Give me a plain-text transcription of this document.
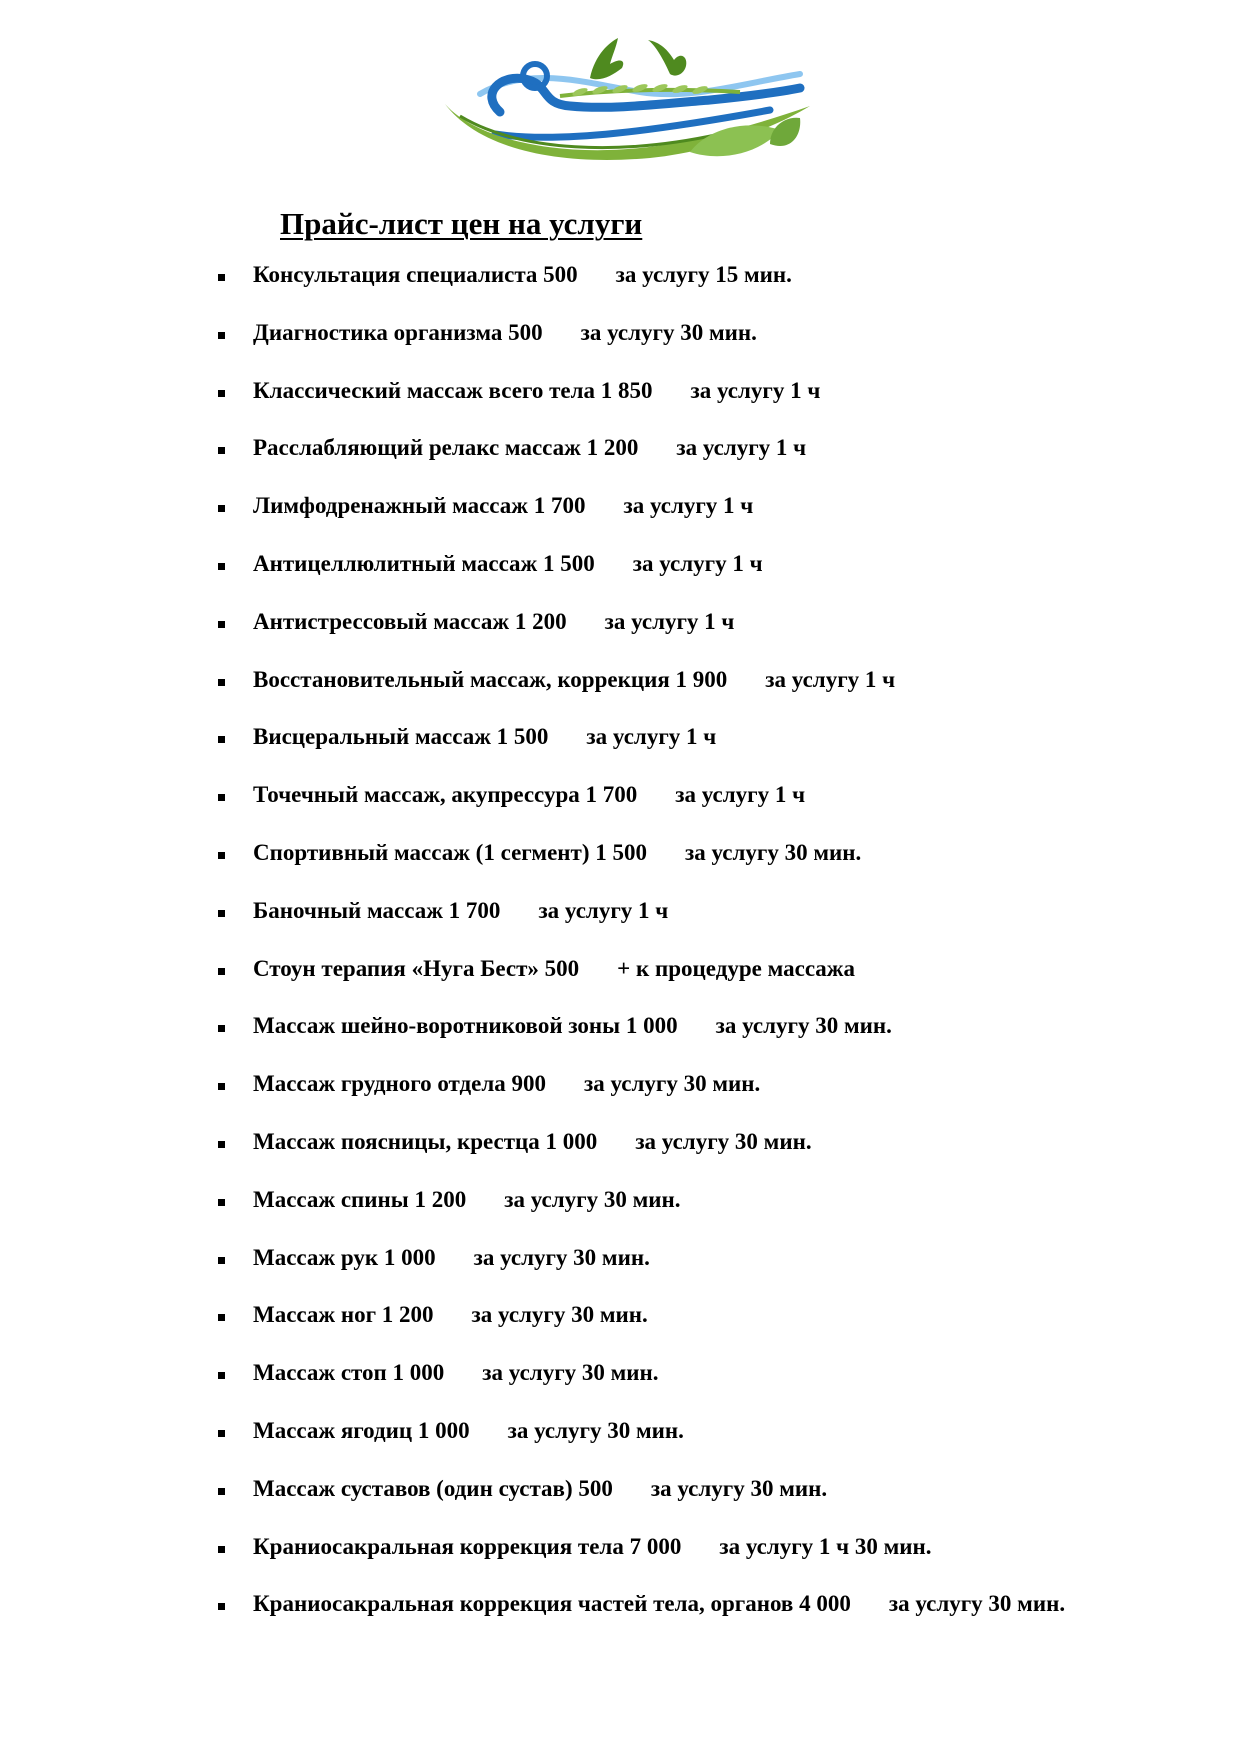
Прайс-лист цен на услуги
Консультация специалиста 500 за услугу 15 мин.
Диагностика организма 500 за услугу 30 мин.
Классический массаж всего тела 1 850 за услугу 1 ч
Расслабляющий релакс массаж 1 200 за услугу 1 ч
Лимфодренажный массаж 1 700 за услугу 1 ч
Антицеллюлитный массаж 1 500 за услугу 1 ч
Антистрессовый массаж 1 200 за услугу 1 ч
Восстановительный массаж, коррекция 1 900 за услугу 1 ч
Висцеральный массаж 1 500 за услугу 1 ч
Точечный массаж, акупрессура 1 700 за услугу 1 ч
Спортивный массаж (1 сегмент) 1 500 за услугу 30 мин.
Баночный массаж 1 700 за услугу 1 ч
Стоун терапия «Нуга Бест» 500 + к процедуре массажа
Массаж шейно-воротниковой зоны 1 000 за услугу 30 мин.
Массаж грудного отдела 900 за услугу 30 мин.
Массаж поясницы, крестца 1 000 за услугу 30 мин.
Массаж спины 1 200 за услугу 30 мин.
Массаж рук 1 000 за услугу 30 мин.
Массаж ног 1 200 за услугу 30 мин.
Массаж стоп 1 000 за услугу 30 мин.
Массаж ягодиц 1 000 за услугу 30 мин.
Массаж суставов (один сустав) 500 за услугу 30 мин.
Краниосакральная коррекция тела 7 000 за услугу 1 ч 30 мин.
Краниосакральная коррекция частей тела, органов 4 000 за услугу 30 мин.
